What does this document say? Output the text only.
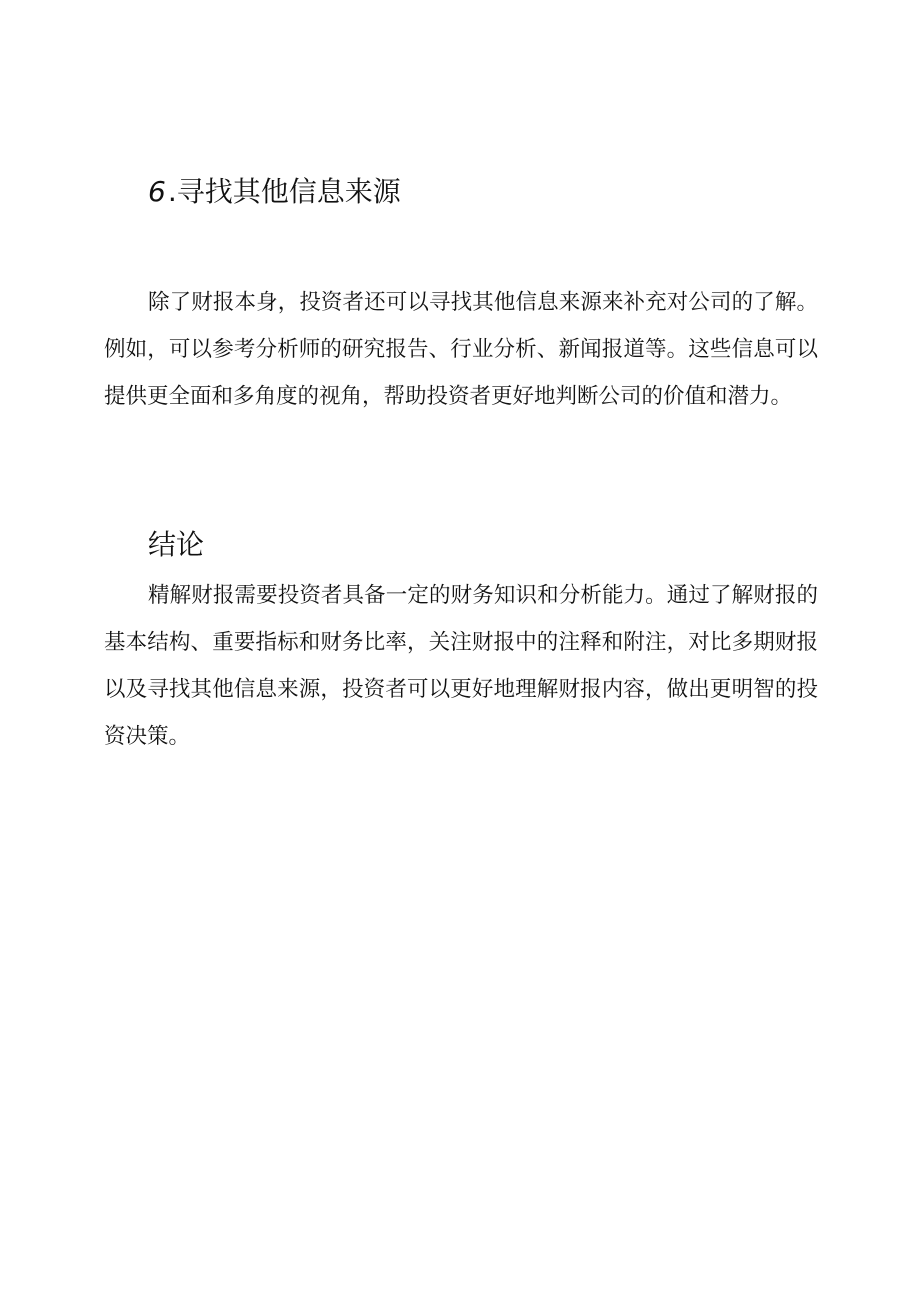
6.寻找其他信息来源

除了财报本身，投资者还可以寻找其他信息来源来补充对公司的了解。例如，可以参考分析师的研究报告、行业分析、新闻报道等。这些信息可以提供更全面和多角度的视角，帮助投资者更好地判断公司的价值和潜力。

结论

精解财报需要投资者具备一定的财务知识和分析能力。通过了解财报的基本结构、重要指标和财务比率，关注财报中的注释和附注，对比多期财报以及寻找其他信息来源，投资者可以更好地理解财报内容，做出更明智的投资决策。
